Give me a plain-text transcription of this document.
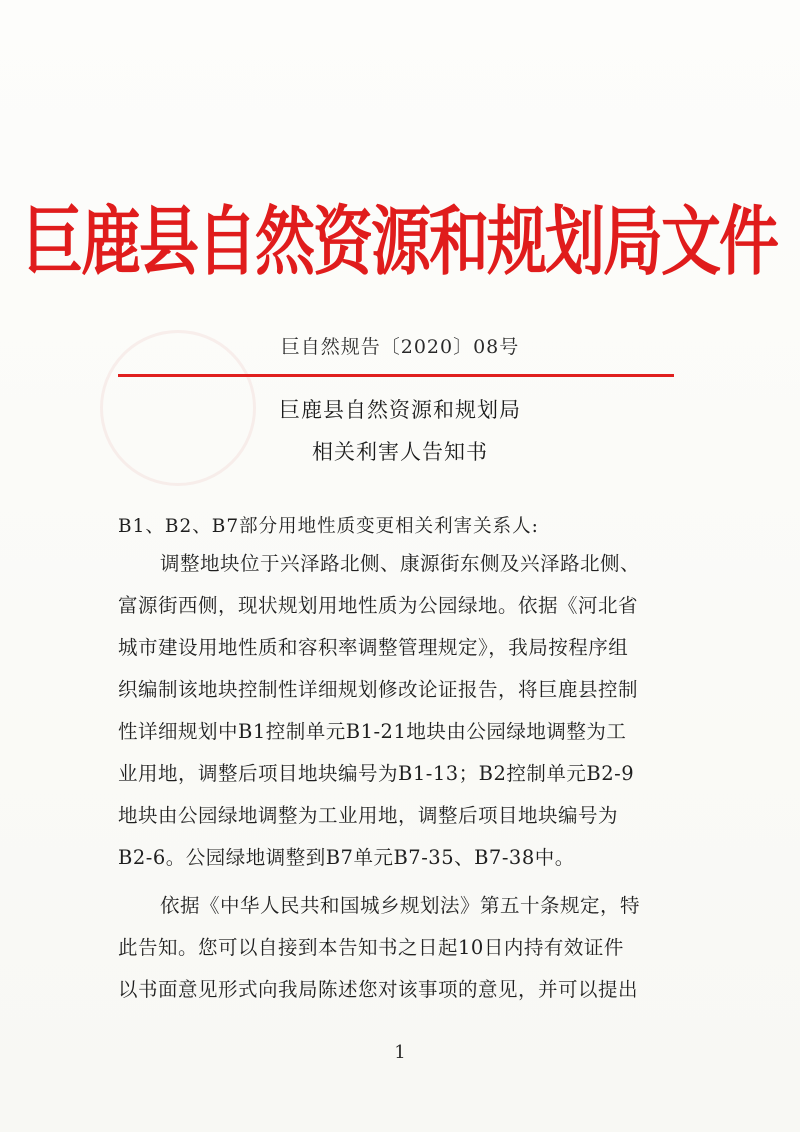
巨鹿县自然资源和规划局文件
巨自然规告〔2020〕08号
巨鹿县自然资源和规划局
相关利害人告知书
B1、B2、B7部分用地性质变更相关利害关系人:
调整地块位于兴泽路北侧、康源街东侧及兴泽路北侧、
富源街西侧，现状规划用地性质为公园绿地。依据《河北省
城市建设用地性质和容积率调整管理规定》，我局按程序组
织编制该地块控制性详细规划修改论证报告，将巨鹿县控制
性详细规划中B1控制单元B1-21地块由公园绿地调整为工
业用地，调整后项目地块编号为B1-13；B2控制单元B2-9
地块由公园绿地调整为工业用地，调整后项目地块编号为
B2-6。公园绿地调整到B7单元B7-35、B7-38中。
依据《中华人民共和国城乡规划法》第五十条规定，特
此告知。您可以自接到本告知书之日起10日内持有效证件
以书面意见形式向我局陈述您对该事项的意见，并可以提出
1
